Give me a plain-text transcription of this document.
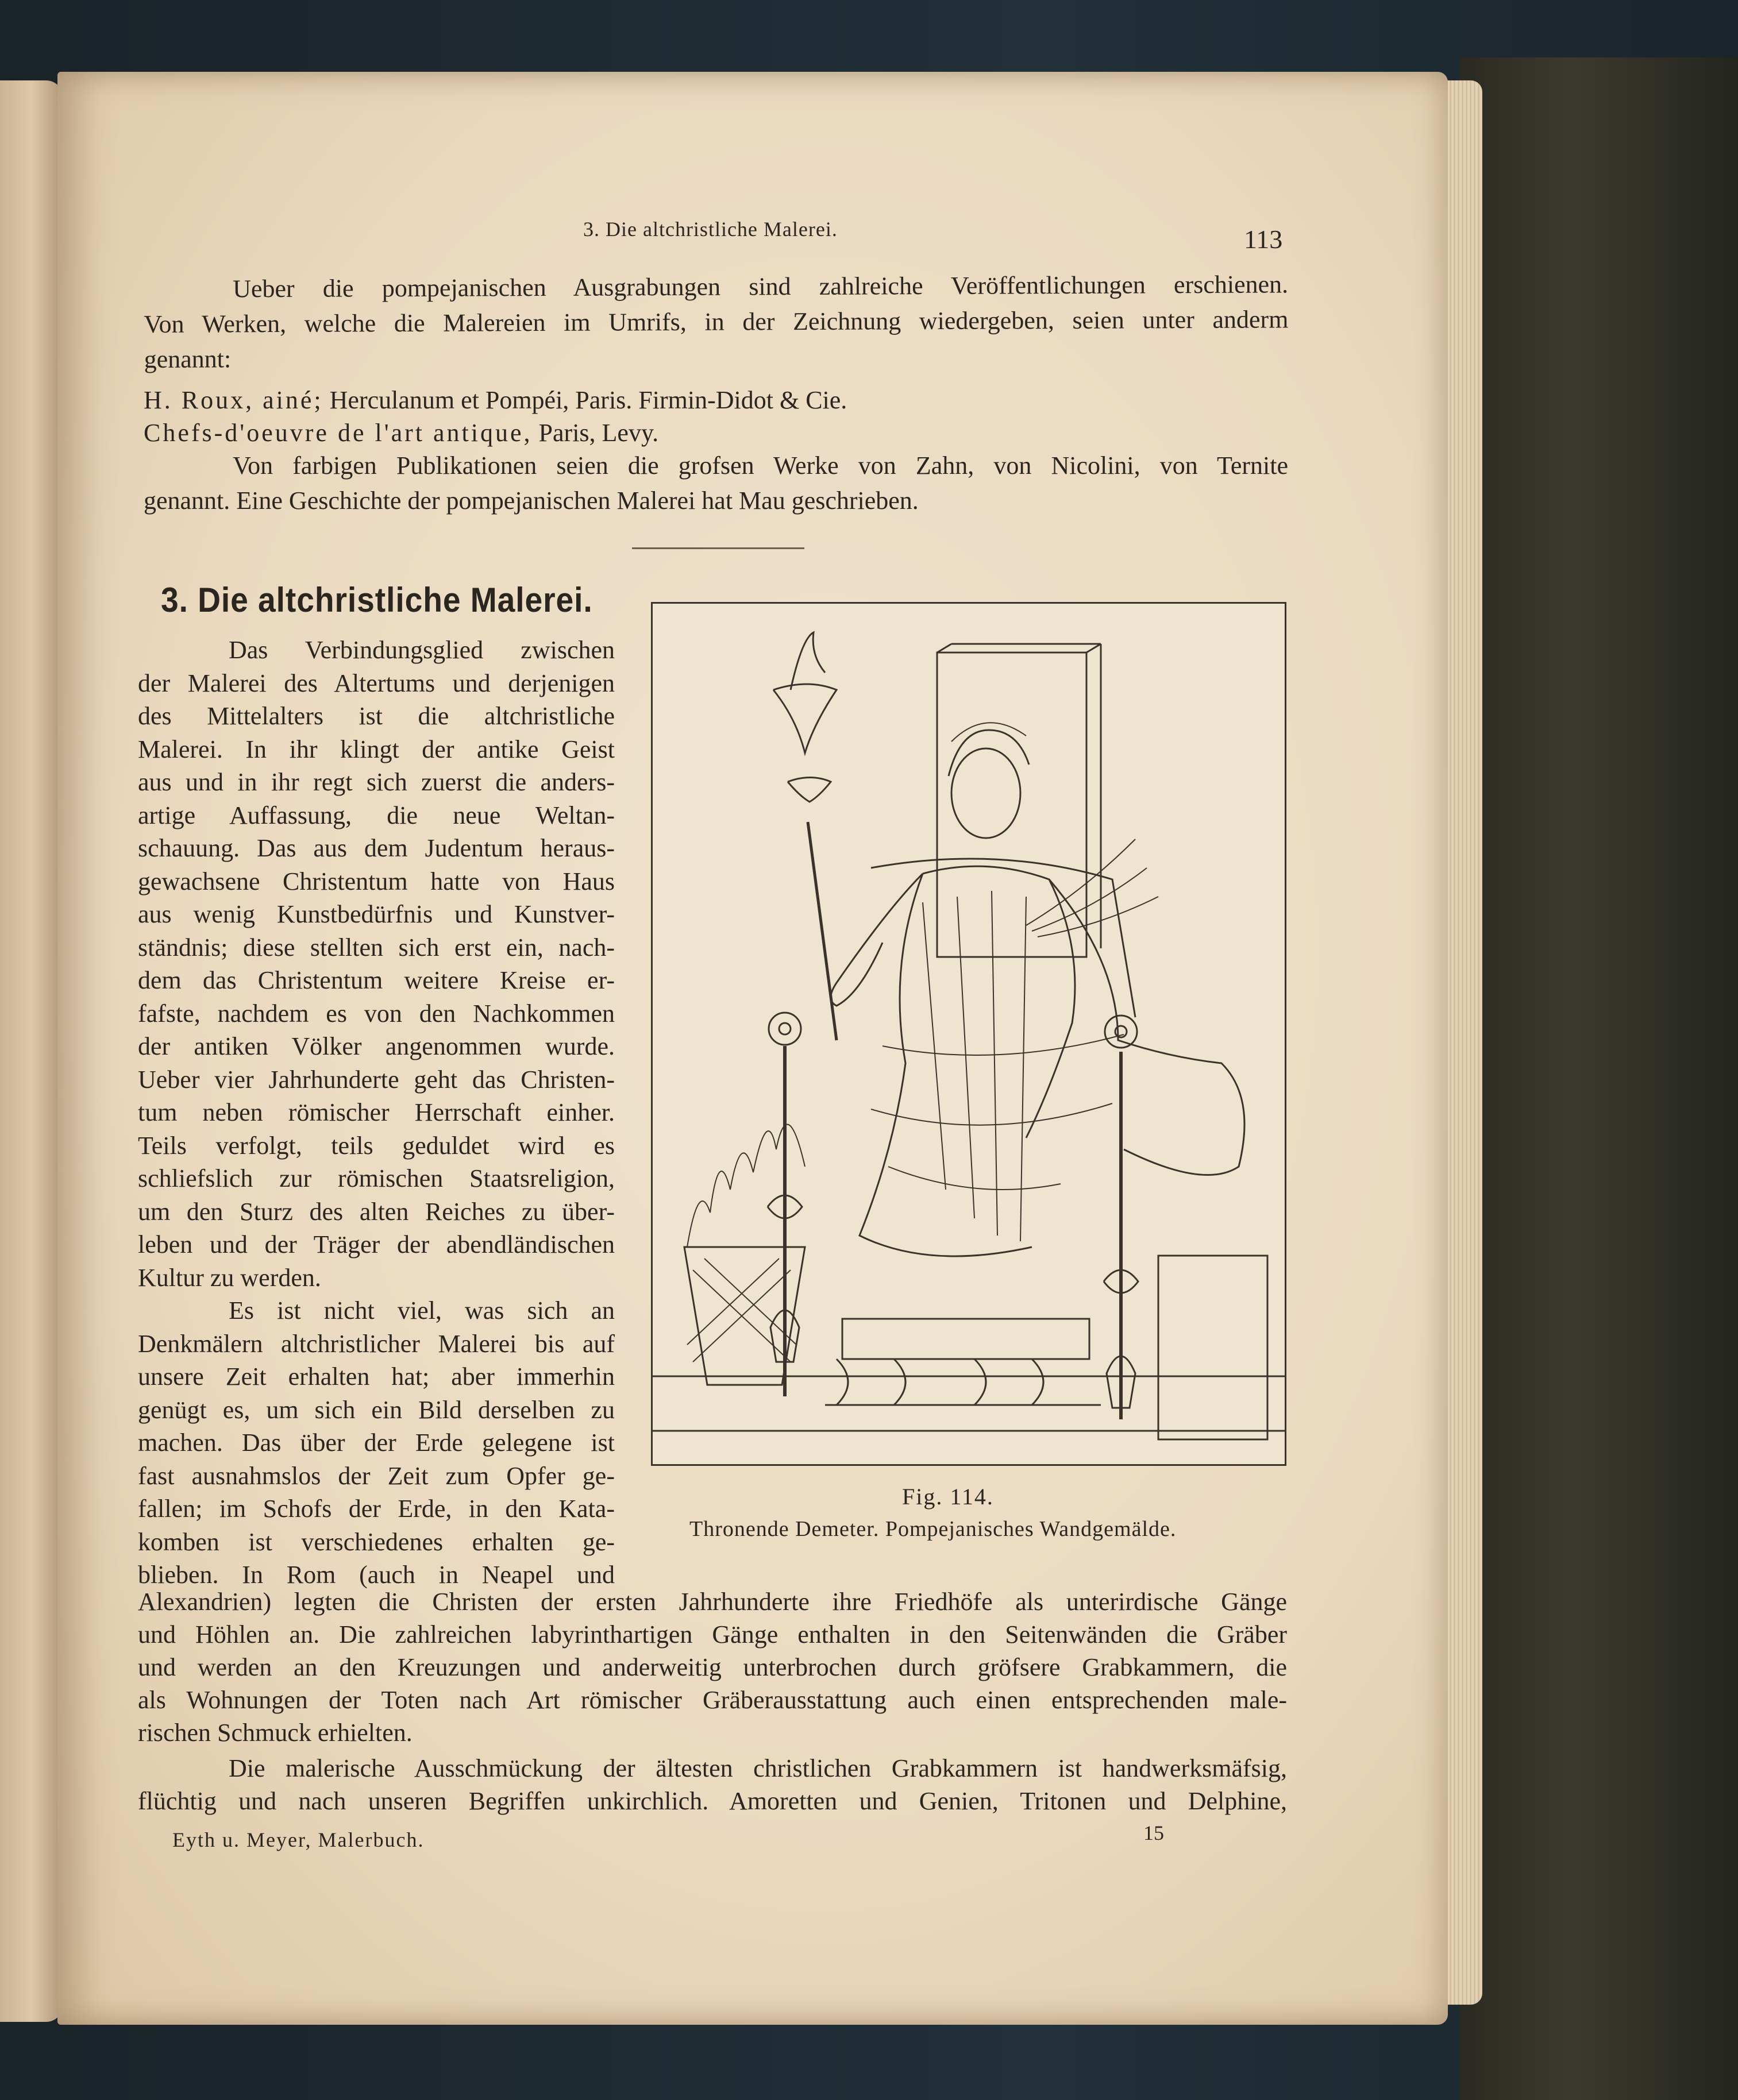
3. Die altchristliche Malerei.	113
Ueber die pompejanischen Ausgrabungen sind zahlreiche Veröffentlichungen erschienen.
Von Werken, welche die Malereien im Umrifs, in der Zeichnung wiedergeben, seien unter anderm
genannt:
H. Roux, ainé; Herculanum et Pompéi, Paris. Firmin-Didot & Cie.
Chefs-d'oeuvre de l'art antique, Paris, Levy.
Von farbigen Publikationen seien die grofsen Werke von Zahn, von Nicolini, von Ternite
genannt. Eine Geschichte der pompejanischen Malerei hat Mau geschrieben.
3. Die altchristliche Malerei.
Das Verbindungsglied zwischen
der Malerei des Altertums und derjenigen
des Mittelalters ist die altchristliche
Malerei. In ihr klingt der antike Geist
aus und in ihr regt sich zuerst die anders-
artige Auffassung, die neue Weltan-
schauung. Das aus dem Judentum heraus-
gewachsene Christentum hatte von Haus
aus wenig Kunstbedürfnis und Kunstver-
ständnis; diese stellten sich erst ein, nach-
dem das Christentum weitere Kreise er-
fafste, nachdem es von den Nachkommen
der antiken Völker angenommen wurde.
Ueber vier Jahrhunderte geht das Christen-
tum neben römischer Herrschaft einher.
Teils verfolgt, teils geduldet wird es
schliefslich zur römischen Staatsreligion,
um den Sturz des alten Reiches zu über-
leben und der Träger der abendländischen
Kultur zu werden.
Es ist nicht viel, was sich an
Denkmälern altchristlicher Malerei bis auf
unsere Zeit erhalten hat; aber immerhin
genügt es, um sich ein Bild derselben zu
machen. Das über der Erde gelegene ist
fast ausnahmslos der Zeit zum Opfer ge-
fallen; im Schofs der Erde, in den Kata-
komben ist verschiedenes erhalten ge-
blieben. In Rom (auch in Neapel und
Fig. 114.
Thronende Demeter. Pompejanisches Wandgemälde.
Alexandrien) legten die Christen der ersten Jahrhunderte ihre Friedhöfe als unterirdische Gänge
und Höhlen an. Die zahlreichen labyrinthartigen Gänge enthalten in den Seitenwänden die Gräber
und werden an den Kreuzungen und anderweitig unterbrochen durch gröfsere Grabkammern, die
als Wohnungen der Toten nach Art römischer Gräberausstattung auch einen entsprechenden male-
rischen Schmuck erhielten.
Die malerische Ausschmückung der ältesten christlichen Grabkammern ist handwerksmäfsig,
flüchtig und nach unseren Begriffen unkirchlich. Amoretten und Genien, Tritonen und Delphine,
Eyth u. Meyer, Malerbuch.	15
